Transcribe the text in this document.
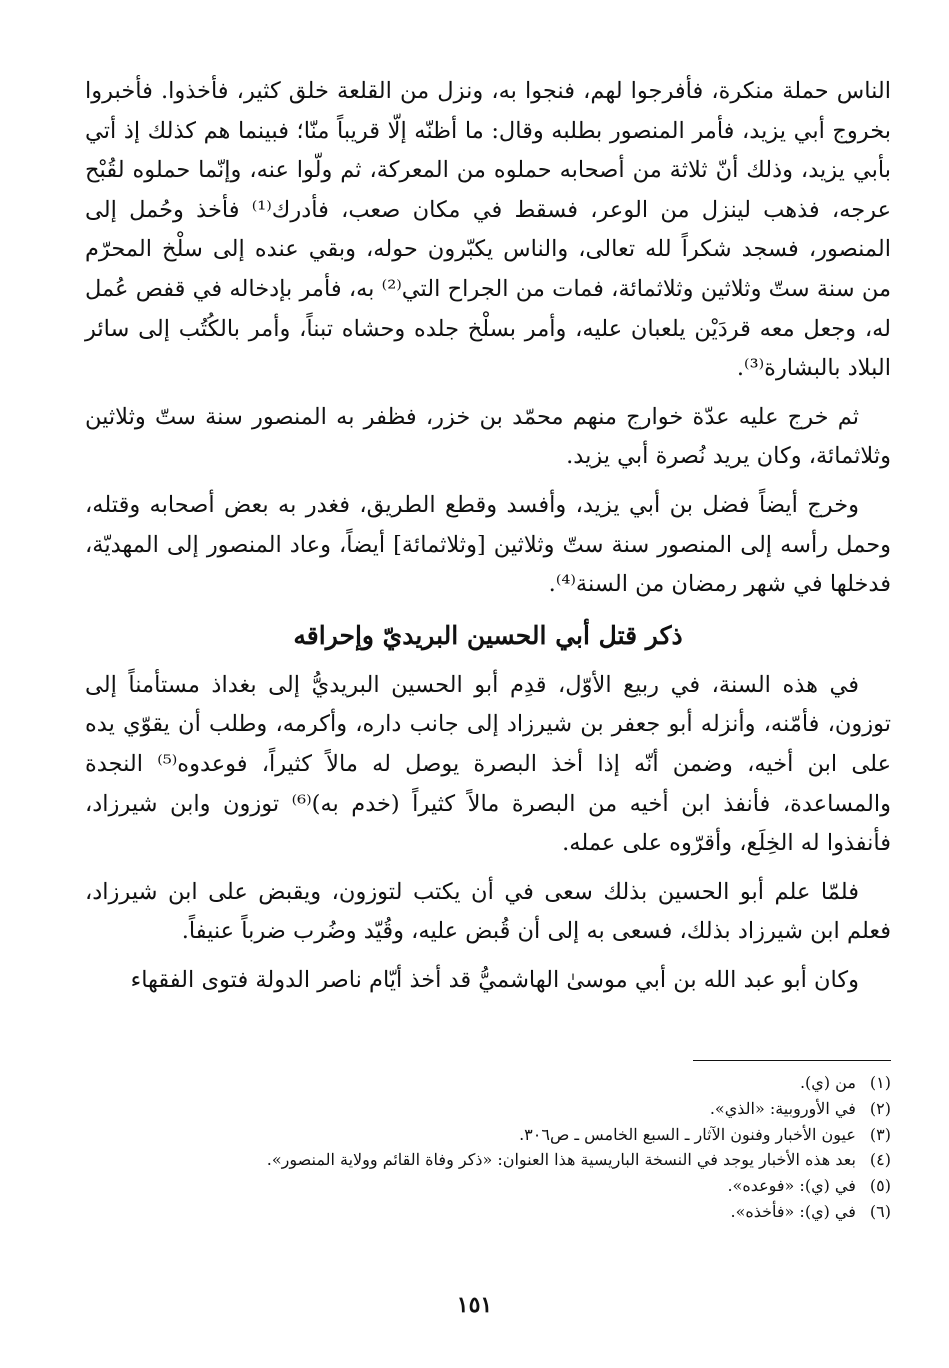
الناس حملة منكرة، فأفرجوا لهم، فنجوا به، ونزل من القلعة خلق كثير، فأخذوا. فأخبروا بخروج أبي يزيد، فأمر المنصور بطلبه وقال: ما أظنّه إلّا قريباً منّا؛ فبينما هم كذلك إذ أتي بأبي يزيد، وذلك أنّ ثلاثة من أصحابه حملوه من المعركة، ثم ولّوا عنه، وإنّما حملوه لقُبْح عرجه، فذهب لينزل من الوعر، فسقط في مكان صعب، فأدرك⁽¹⁾ فأخذ وحُمل إلى المنصور، فسجد شكراً لله تعالى، والناس يكبّرون حوله، وبقي عنده إلى سلْخ المحرّم من سنة ستّ وثلاثين وثلاثمائة، فمات من الجراح التي⁽²⁾ به، فأمر بإدخاله في قفص عُمل له، وجعل معه قردَيْن يلعبان عليه، وأمر بسلْخ جلده وحشاه تبناً، وأمر بالكُتُب إلى سائر البلاد بالبشارة⁽³⁾.

ثم خرج عليه عدّة خوارج منهم محمّد بن خزر، فظفر به المنصور سنة ستّ وثلاثين وثلاثمائة، وكان يريد نُصرة أبي يزيد.

وخرج أيضاً فضل بن أبي يزيد، وأفسد وقطع الطريق، فغدر به بعض أصحابه وقتله، وحمل رأسه إلى المنصور سنة ستّ وثلاثين [وثلاثمائة] أيضاً، وعاد المنصور إلى المهديّة، فدخلها في شهر رمضان من السنة⁽⁴⁾.

ذكر قتل أبي الحسين البريديّ وإحراقه

في هذه السنة، في ربيع الأوّل، قدِم أبو الحسين البريديُّ إلى بغداذ مستأمناً إلى توزون، فأمّنه، وأنزله أبو جعفر بن شيرزاد إلى جانب داره، وأكرمه، وطلب أن يقوّي يده على ابن أخيه، وضمن أنّه إذا أخذ البصرة يوصل له مالاً كثيراً، فوعدوه⁽⁵⁾ النجدة والمساعدة، فأنفذ ابن أخيه من البصرة مالاً كثيراً (خدم به)⁽⁶⁾ توزون وابن شيرزاد، فأنفذوا له الخِلَع، وأقرّوه على عمله.

فلمّا علم أبو الحسين بذلك سعى في أن يكتب لتوزون، ويقبض على ابن شيرزاد، فعلم ابن شيرزاد بذلك، فسعى به إلى أن قُبض عليه، وقُيّد وضُرب ضرباً عنيفاً.

وكان أبو عبد الله بن أبي موسىٰ الهاشميُّ قد أخذ أيّام ناصر الدولة فتوى الفقهاء

(١) من (ي).
(٢) في الأوروبية: «الذي».
(٣) عيون الأخبار وفنون الآثار ـ السبع الخامس ـ ص٣٠٦.
(٤) بعد هذه الأخبار يوجد في النسخة الباريسية هذا العنوان: «ذكر وفاة القائم وولاية المنصور».
(٥) في (ي): «فوعده».
(٦) في (ي): «فأخذه».
١٥١
